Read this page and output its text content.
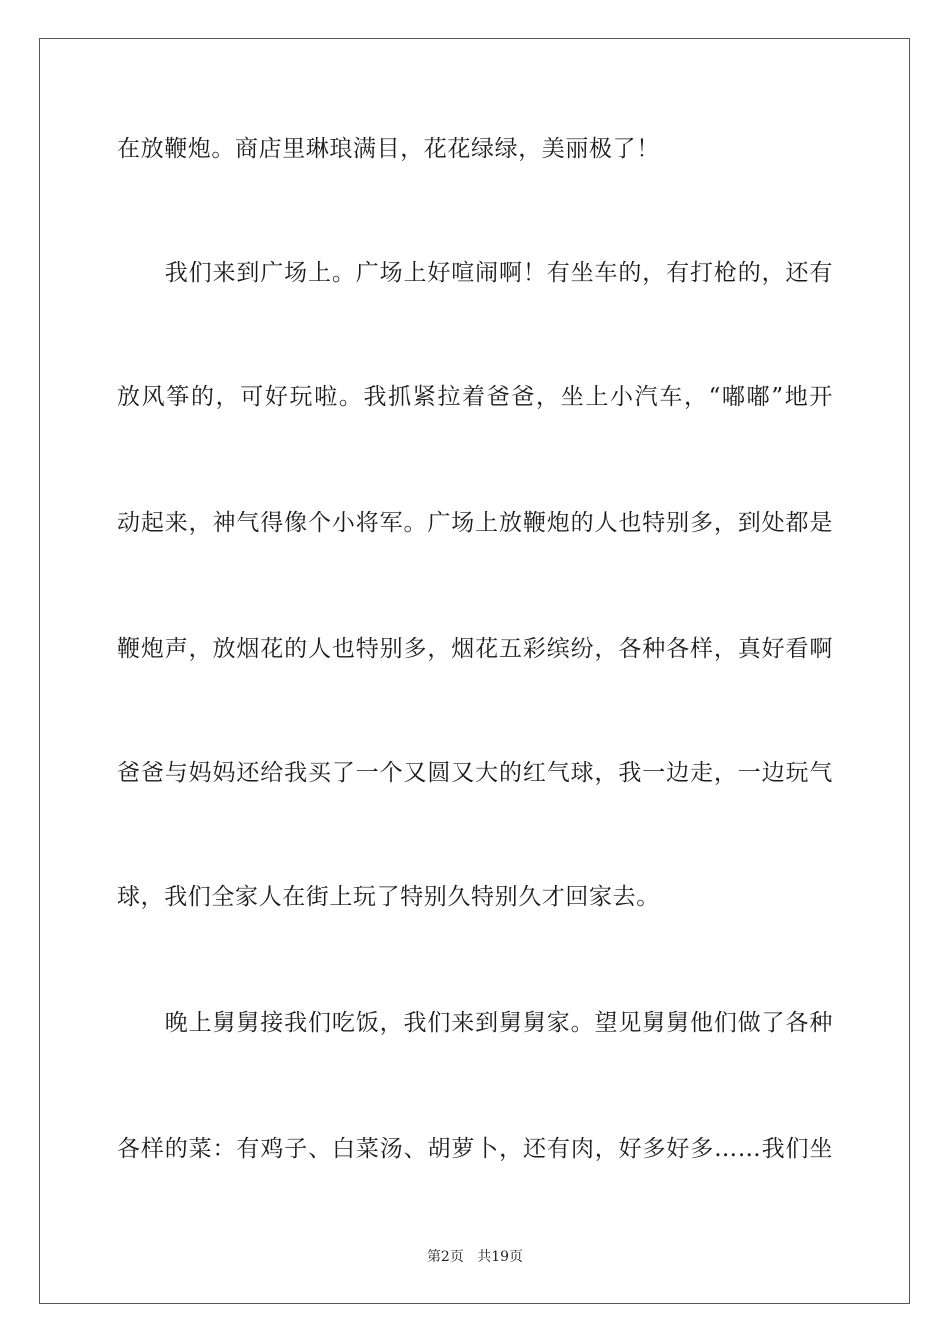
在放鞭炮。商店里琳琅满目，花花绿绿，美丽极了！
　　我们来到广场上。广场上好喧闹啊！有坐车的，有打枪的，还有
放风筝的，可好玩啦。我抓紧拉着爸爸，坐上小汽车，“嘟嘟”地开
动起来，神气得像个小将军。广场上放鞭炮的人也特别多，到处都是
鞭炮声，放烟花的人也特别多，烟花五彩缤纷，各种各样，真好看啊
爸爸与妈妈还给我买了一个又圆又大的红气球，我一边走，一边玩气
球，我们全家人在街上玩了特别久特别久才回家去。
　　晚上舅舅接我们吃饭，我们来到舅舅家。望见舅舅他们做了各种
各样的菜：有鸡子、白菜汤、胡萝卜，还有肉，好多好多……我们坐
第2页 共19页
